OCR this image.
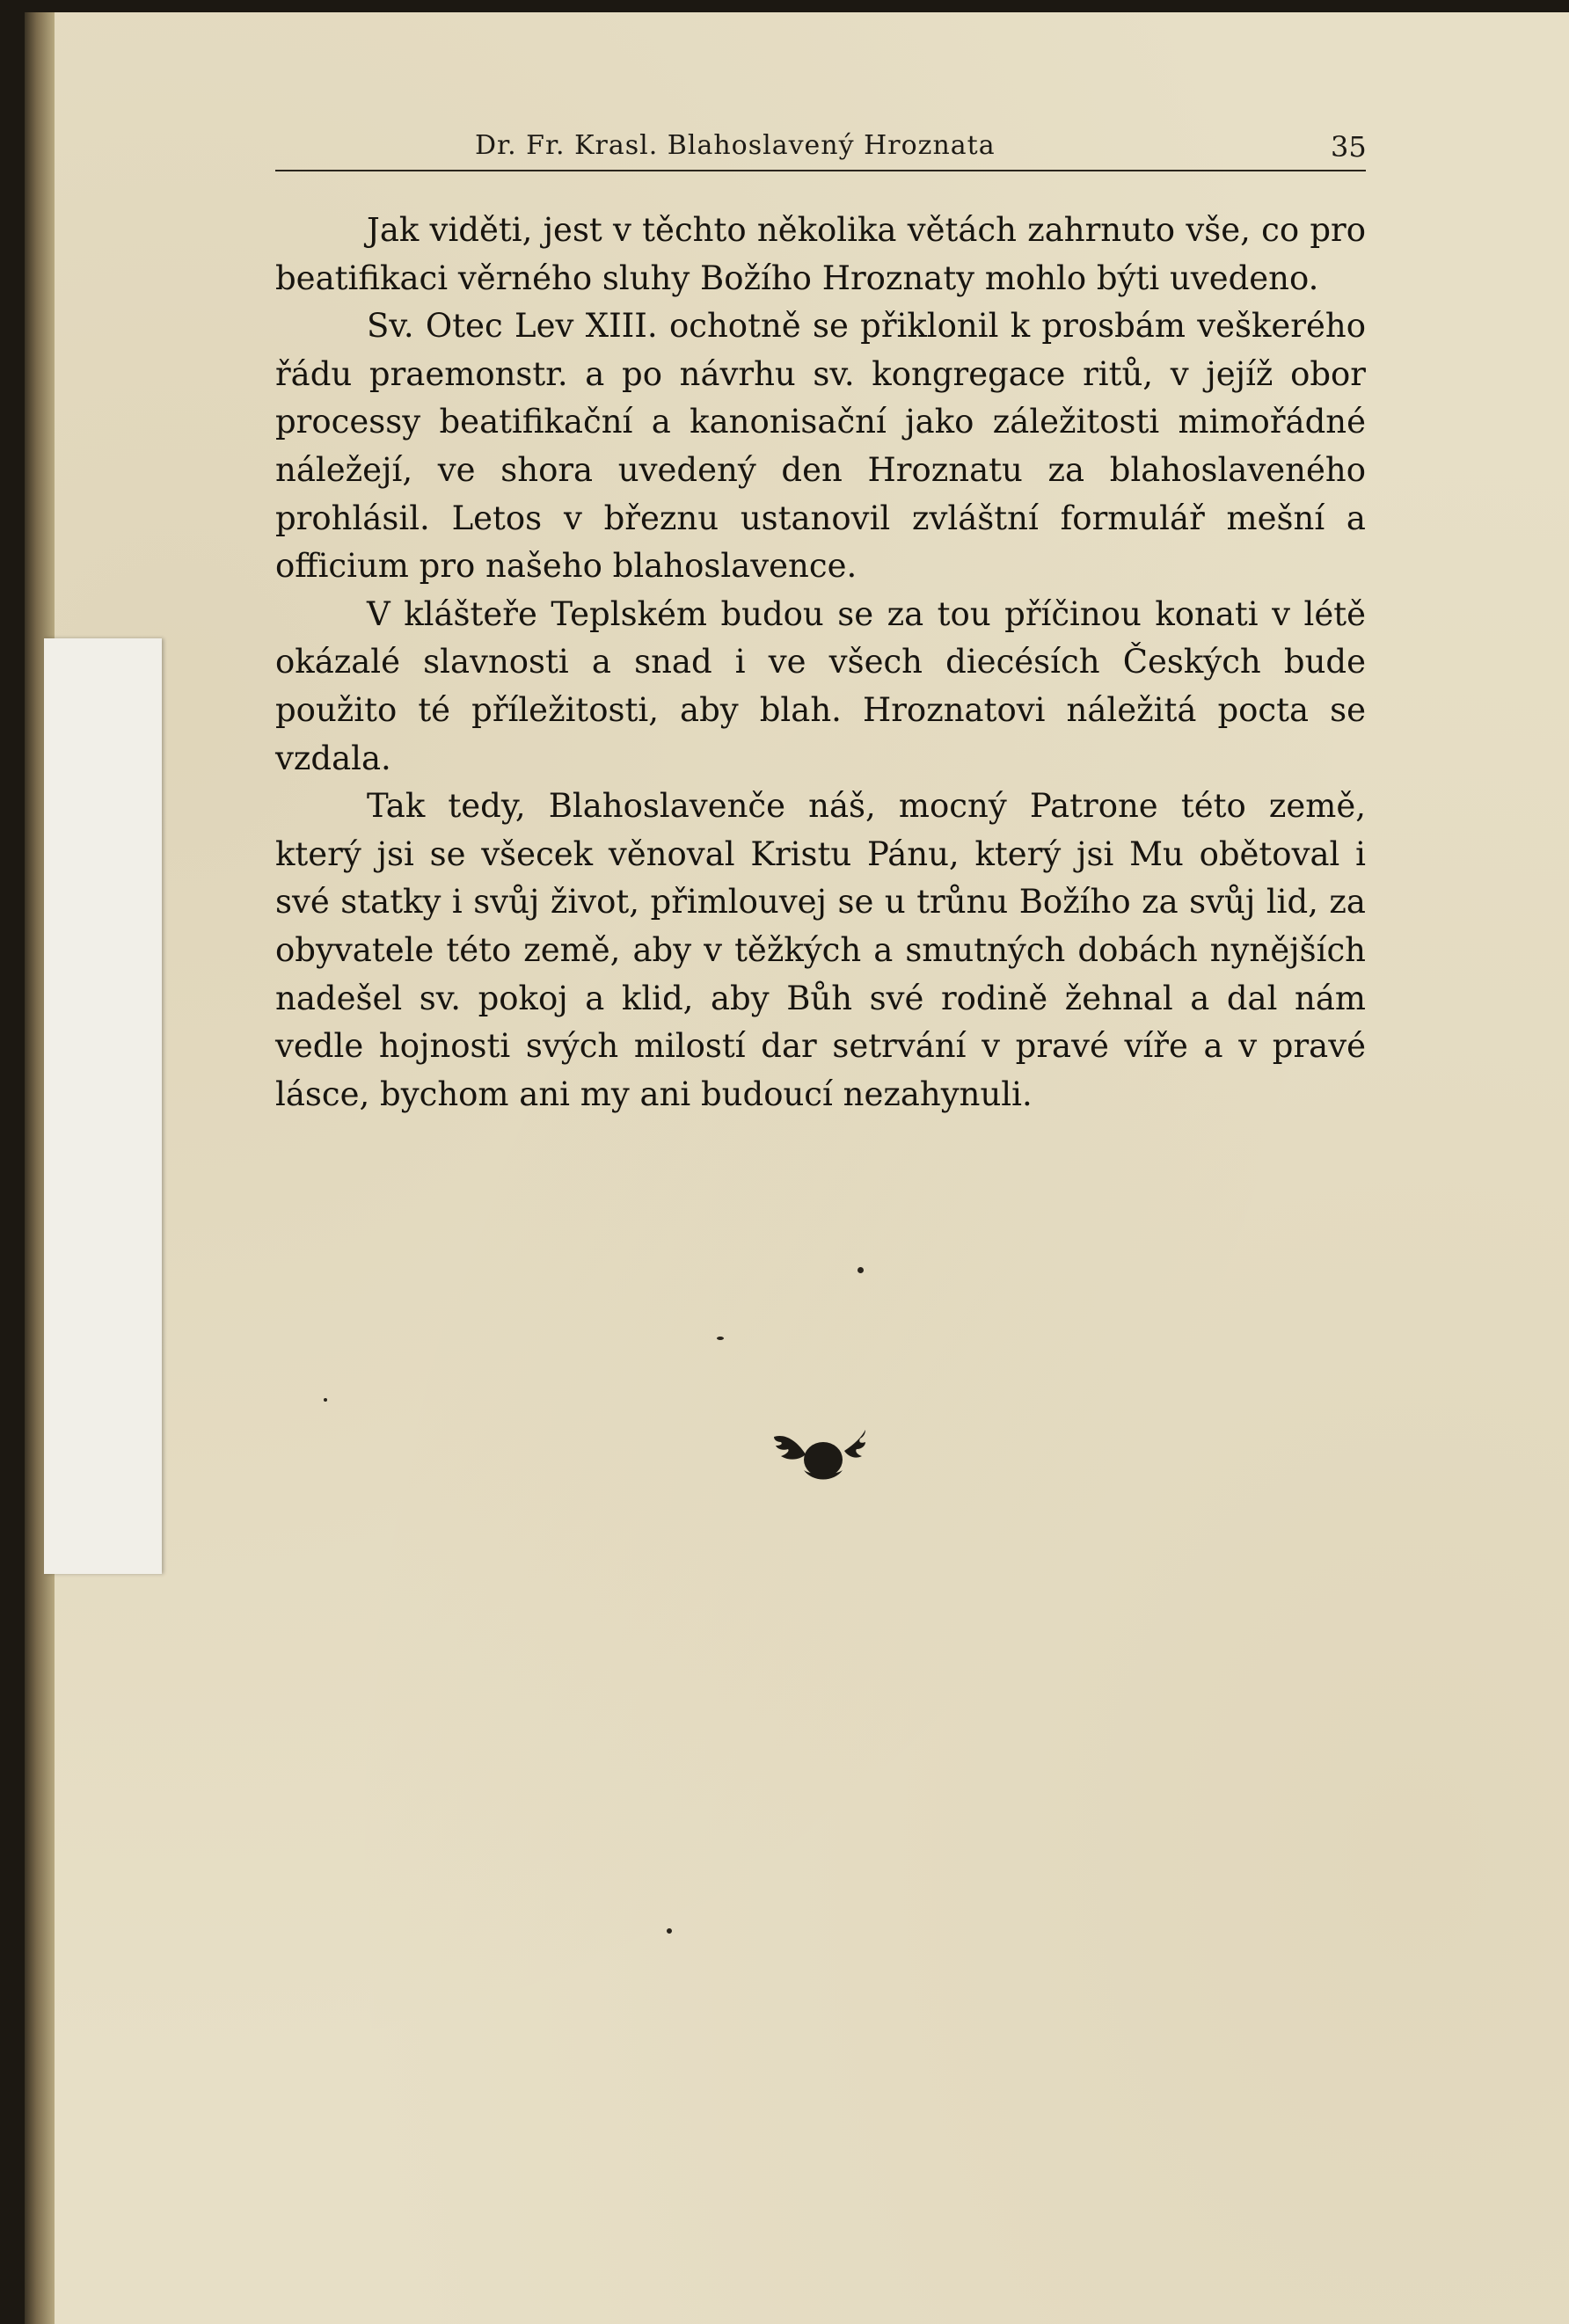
Dr. Fr. Krasl. Blahoslavený Hroznata	35

Jak viděti, jest v těchto několika větách zahrnuto vše, co pro beatifikaci věrného sluhy Božího Hroznaty mohlo býti uvedeno.

Sv. Otec Lev XIII. ochotně se přiklonil k prosbám veškerého řádu praemonstr. a po návrhu sv. kongregace ritů, v jejíž obor processy beatifikační a kanonisační jako záležitosti mimořádné náležejí, ve shora uvedený den Hroznatu za blahoslaveného prohlásil. Letos v březnu ustanovil zvláštní formulář mešní a officium pro našeho blahoslavence.

V klášteře Teplském budou se za tou příčinou konati v létě okázalé slavnosti a snad i ve všech diecésích Českých bude použito té příležitosti, aby blah. Hroznatovi náležitá pocta se vzdala.

Tak tedy, Blahoslavenče náš, mocný Patrone této země, který jsi se všecek věnoval Kristu Pánu, který jsi Mu obětoval i své statky i svůj život, přimlouvej se u trůnu Božího za svůj lid, za obyvatele této země, aby v těžkých a smutných dobách nynějších nadešel sv. pokoj a klid, aby Bůh své rodině žehnal a dal nám vedle hojnosti svých milostí dar setrvání v pravé víře a v pravé lásce, bychom ani my ani budoucí nezahynuli.
